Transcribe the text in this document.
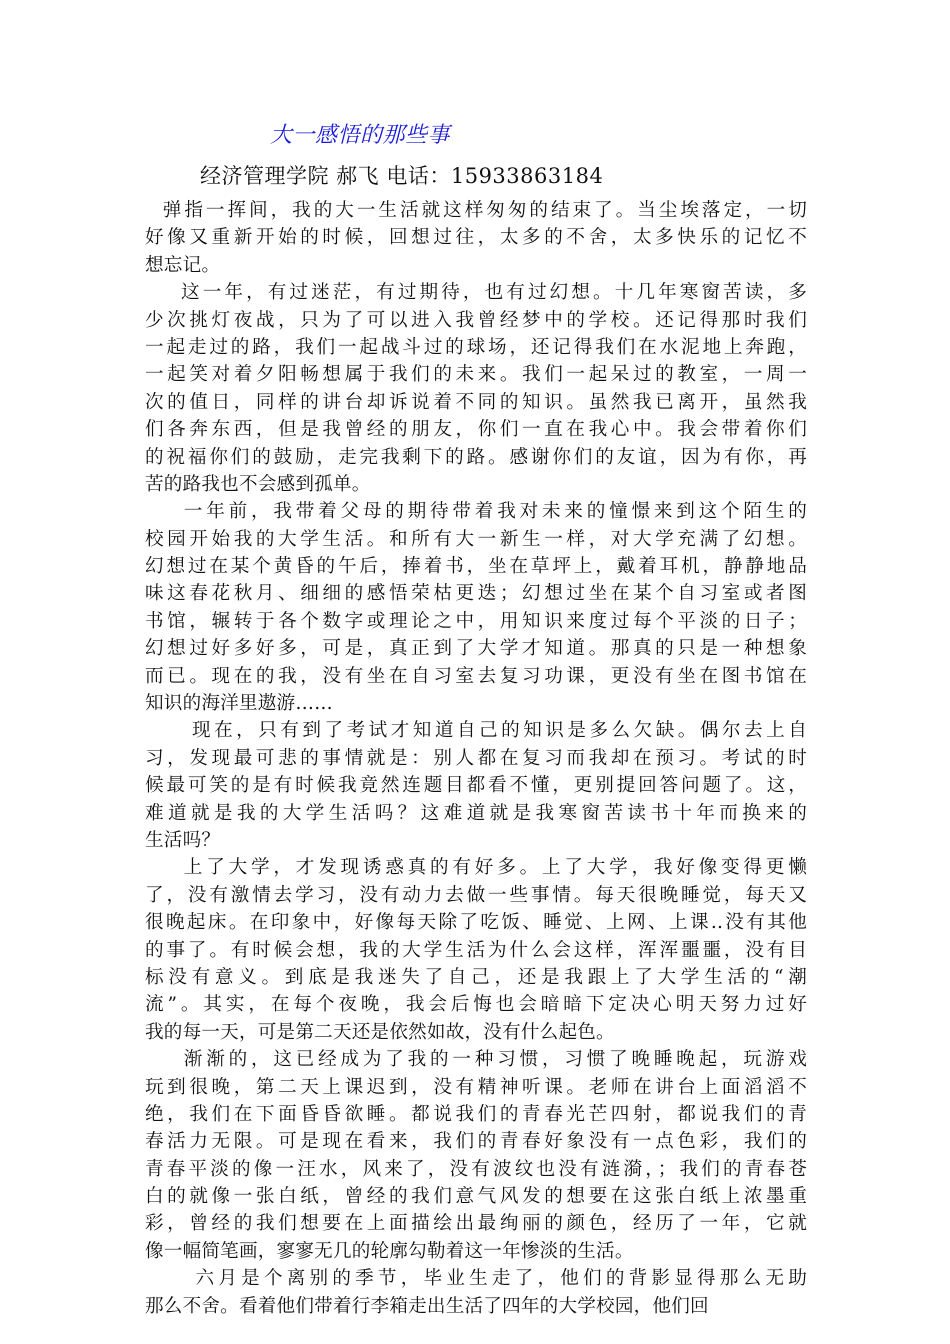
大一感悟的那些事
经济管理学院 郝飞 电话：15933863184
弹指一挥间，我的大一生活就这样匆匆的结束了。当尘埃落定，一切
好像又重新开始的时候，回想过往，太多的不舍，太多快乐的记忆不
想忘记。
这一年，有过迷茫，有过期待，也有过幻想。十几年寒窗苦读，多
少次挑灯夜战，只为了可以进入我曾经梦中的学校。还记得那时我们
一起走过的路，我们一起战斗过的球场，还记得我们在水泥地上奔跑，
一起笑对着夕阳畅想属于我们的未来。我们一起呆过的教室，一周一
次的值日，同样的讲台却诉说着不同的知识。虽然我已离开，虽然我
们各奔东西，但是我曾经的朋友，你们一直在我心中。我会带着你们
的祝福你们的鼓励，走完我剩下的路。感谢你们的友谊，因为有你，再
苦的路我也不会感到孤单。
一年前，我带着父母的期待带着我对未来的憧憬来到这个陌生的
校园开始我的大学生活。和所有大一新生一样，对大学充满了幻想。
幻想过在某个黄昏的午后，捧着书，坐在草坪上，戴着耳机，静静地品
味这春花秋月、细细的感悟荣枯更迭；幻想过坐在某个自习室或者图
书馆，辗转于各个数字或理论之中，用知识来度过每个平淡的日子；
幻想过好多好多，可是，真正到了大学才知道。那真的只是一种想象
而已。现在的我，没有坐在自习室去复习功课，更没有坐在图书馆在
知识的海洋里遨游……
现在，只有到了考试才知道自己的知识是多么欠缺。偶尔去上自
习，发现最可悲的事情就是：别人都在复习而我却在预习。考试的时
候最可笑的是有时候我竟然连题目都看不懂，更别提回答问题了。这，
难道就是我的大学生活吗？这难道就是我寒窗苦读书十年而换来的
生活吗？
上了大学，才发现诱惑真的有好多。上了大学，我好像变得更懒
了，没有激情去学习，没有动力去做一些事情。每天很晚睡觉，每天又
很晚起床。在印象中，好像每天除了吃饭、睡觉、上网、上课..没有其他
的事了。有时候会想，我的大学生活为什么会这样，浑浑噩噩，没有目
标没有意义。到底是我迷失了自己，还是我跟上了大学生活的“潮
流”。其实，在每个夜晚，我会后悔也会暗暗下定决心明天努力过好
我的每一天，可是第二天还是依然如故，没有什么起色。
渐渐的，这已经成为了我的一种习惯，习惯了晚睡晚起，玩游戏
玩到很晚，第二天上课迟到，没有精神听课。老师在讲台上面滔滔不
绝，我们在下面昏昏欲睡。都说我们的青春光芒四射，都说我们的青
春活力无限。可是现在看来，我们的青春好象没有一点色彩，我们的
青春平淡的像一汪水，风来了，没有波纹也没有涟漪，；我们的青春苍
白的就像一张白纸，曾经的我们意气风发的想要在这张白纸上浓墨重
彩，曾经的我们想要在上面描绘出最绚丽的颜色，经历了一年，它就
像一幅简笔画，寥寥无几的轮廓勾勒着这一年惨淡的生活。
六月是个离别的季节，毕业生走了，他们的背影显得那么无助
那么不舍。看着他们带着行李箱走出生活了四年的大学校园，他们回
